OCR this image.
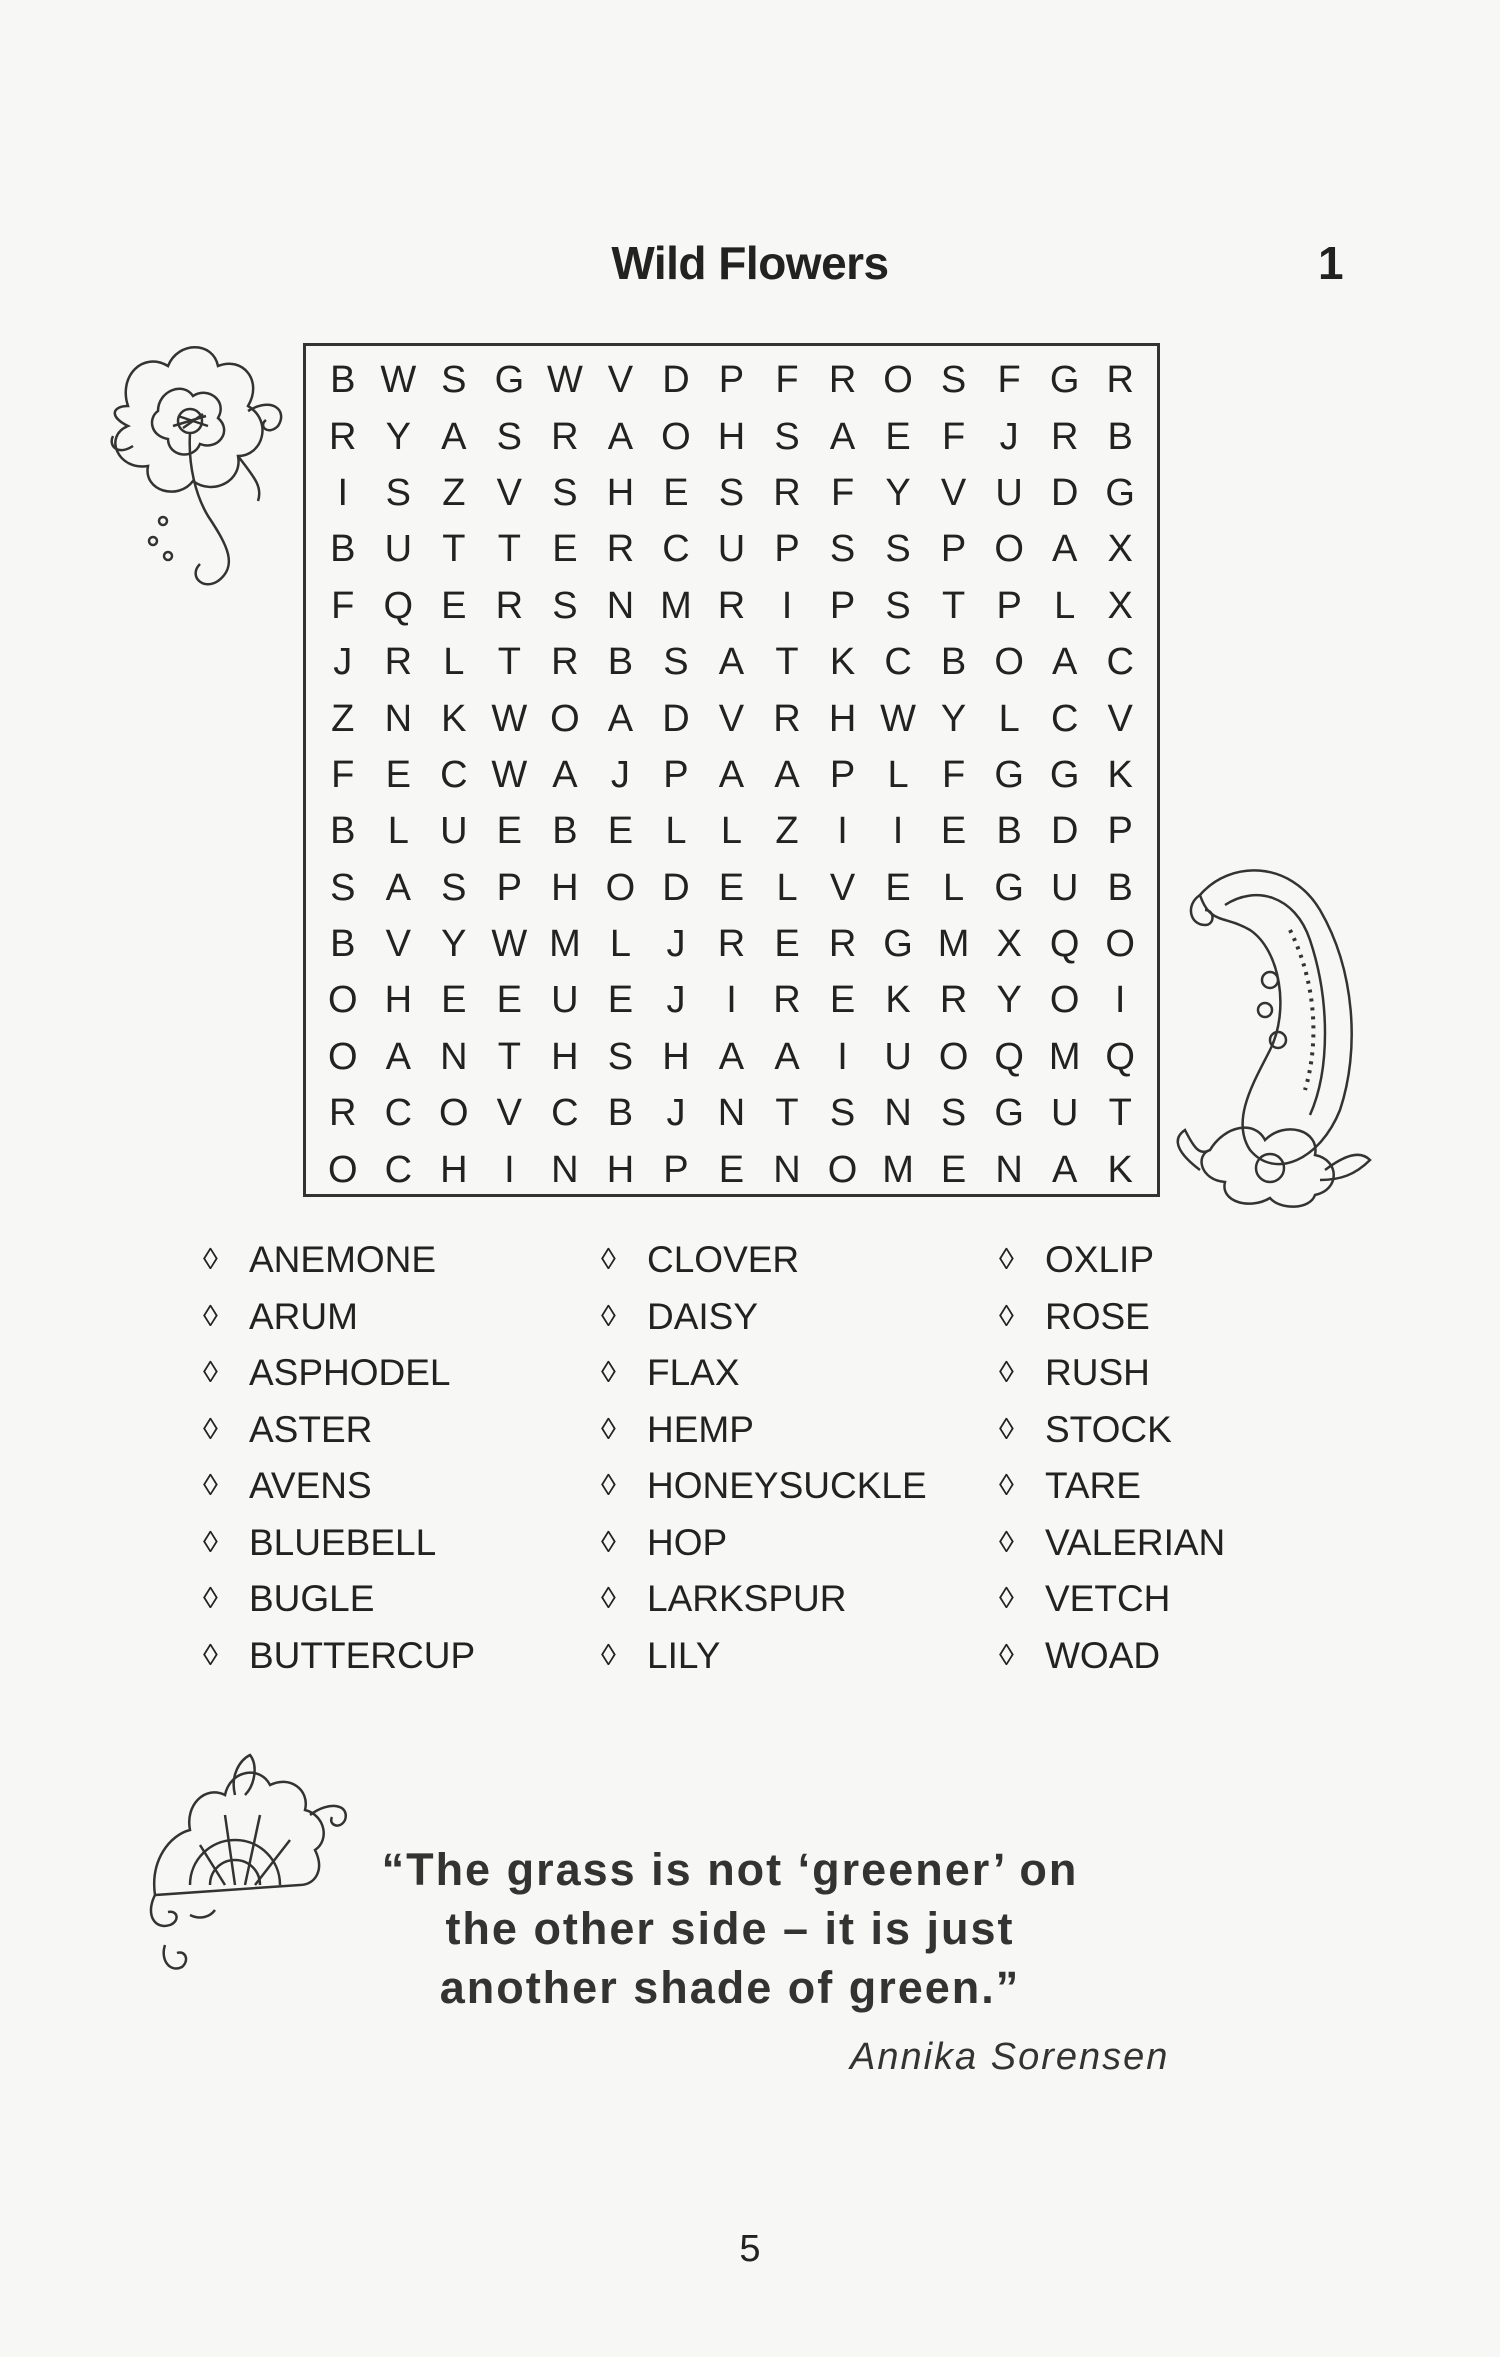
Wild Flowers	1
B W S G W V D P F R O S F G R
R Y A S R A O H S A E F J R B
I S Z V S H E S R F Y V U D G
B U T T E R C U P S S P O A X
F Q E R S N M R I P S T P L X
J R L T R B S A T K C B O A C
Z N K W O A D V R H W Y L C V
F E C W A J P A A P L F G G K
B L U E B E L L Z	I	I E B D P
S A S P H O D E L V E L G U B
B V Y W M L J R E R G M X Q O
O H E E U E J	I R E K R Y O I
O A N T H S H A A I U O Q M Q
R C O V C B J N T S N S G U T
O C H I N H P E N O M E N A K
◊ ANEMONE
◊ ARUM
◊ ASPHODEL
◊ ASTER
◊ AVENS
◊ BLUEBELL
◊ BUGLE
◊ BUTTERCUP
◊ CLOVER
◊ DAISY
◊ FLAX
◊ HEMP
◊ HONEYSUCKLE
◊ HOP
◊ LARKSPUR
◊ LILY
◊ OXLIP
◊ ROSE
◊ RUSH
◊ STOCK
◊ TARE
◊ VALERIAN
◊ VETCH
◊ WOAD

“The grass is not ‘greener’ on
the other side – it is just
another shade of green.”

Annika Sorensen
5
